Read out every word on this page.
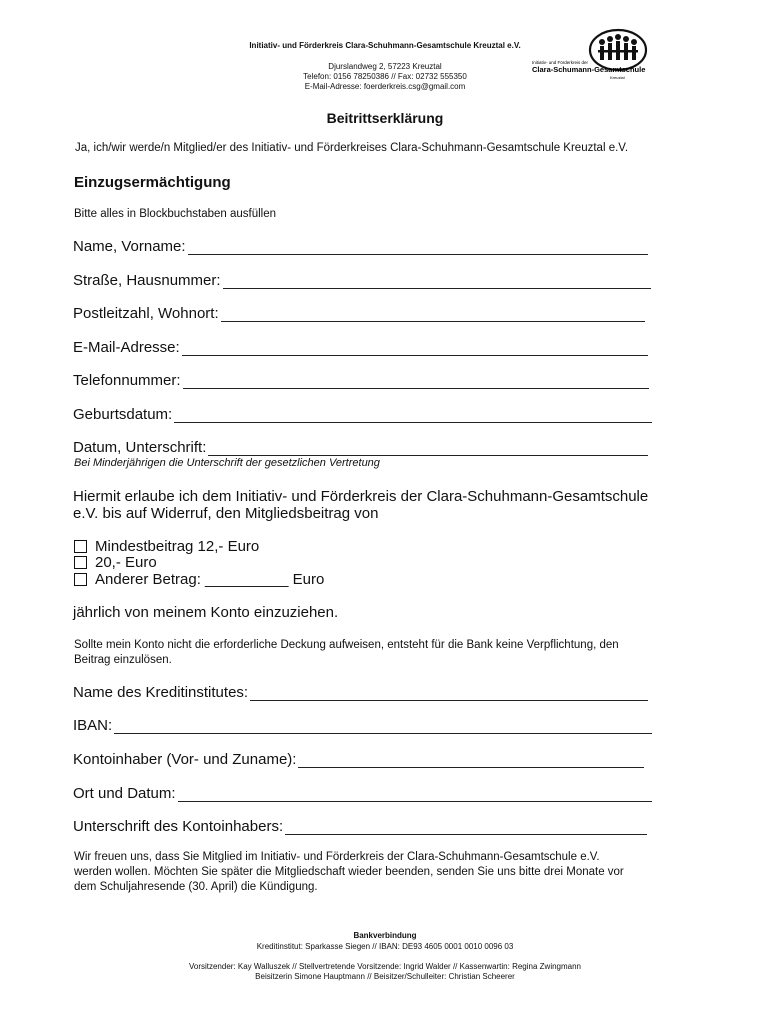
Initiativ- und Förderkreis Clara-Schuhmann-Gesamtschule Kreuztal e.V.
Djurslandweg 2, 57223 Kreuztal
Telefon: 0156 78250386 // Fax: 02732 555350
E-Mail-Adresse: foerderkreis.csg@gmail.com
Initiativ- und Förderkreis der
Clara-Schumann-Gesamtschule
Kreuztal
Beitrittserklärung
Ja, ich/wir werde/n Mitglied/er des Initiativ- und Förderkreises Clara-Schuhmann-Gesamtschule Kreuztal e.V.
Einzugsermächtigung
Bitte alles in Blockbuchstaben ausfüllen
Name, Vorname:
Straße, Hausnummer:
Postleitzahl, Wohnort:
E-Mail-Adresse:
Telefonnummer:
Geburtsdatum:
Datum, Unterschrift:
Bei Minderjährigen die Unterschrift der gesetzlichen Vertretung
Hiermit erlaube ich dem Initiativ- und Förderkreis der Clara-Schuhmann-Gesamtschule
e.V. bis auf Widerruf, den Mitgliedsbeitrag von
Mindestbeitrag 12,- Euro
20,- Euro
Anderer Betrag: __________ Euro
jährlich von meinem Konto einzuziehen.
Sollte mein Konto nicht die erforderliche Deckung aufweisen, entsteht für die Bank keine Verpflichtung, den
Beitrag einzulösen.
Name des Kreditinstitutes:
IBAN:
Kontoinhaber (Vor- und Zuname):
Ort und Datum:
Unterschrift des Kontoinhabers:
Wir freuen uns, dass Sie Mitglied im Initiativ- und Förderkreis der Clara-Schuhmann-Gesamtschule e.V.
werden wollen. Möchten Sie später die Mitgliedschaft wieder beenden, senden Sie uns bitte drei Monate vor
dem Schuljahresende (30. April) die Kündigung.
Bankverbindung
Kreditinstitut: Sparkasse Siegen // IBAN: DE93 4605 0001 0010 0096 03
Vorsitzender: Kay Walluszek // Stellvertretende Vorsitzende: Ingrid Walder // Kassenwartin: Regina Zwingmann
Beisitzerin Simone Hauptmann // Beisitzer/Schulleiter: Christian Scheerer
